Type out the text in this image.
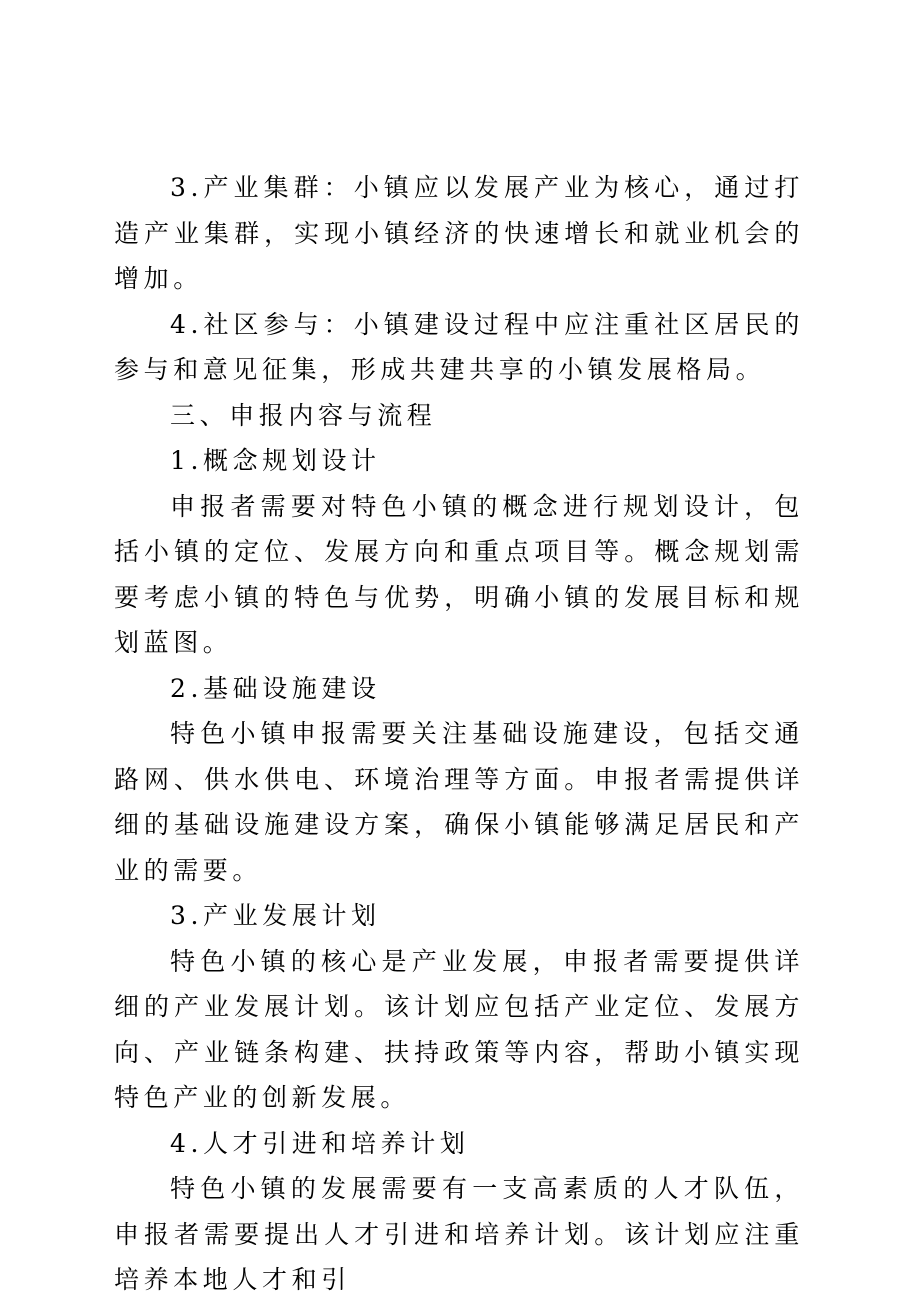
3.产业集群：小镇应以发展产业为核心，通过打造产业集群，实现小镇经济的快速增长和就业机会的增加。

4.社区参与：小镇建设过程中应注重社区居民的参与和意见征集，形成共建共享的小镇发展格局。

三、申报内容与流程

1.概念规划设计

申报者需要对特色小镇的概念进行规划设计，包括小镇的定位、发展方向和重点项目等。概念规划需要考虑小镇的特色与优势，明确小镇的发展目标和规划蓝图。

2.基础设施建设

特色小镇申报需要关注基础设施建设，包括交通路网、供水供电、环境治理等方面。申报者需提供详细的基础设施建设方案，确保小镇能够满足居民和产业的需要。

3.产业发展计划

特色小镇的核心是产业发展，申报者需要提供详细的产业发展计划。该计划应包括产业定位、发展方向、产业链条构建、扶持政策等内容，帮助小镇实现特色产业的创新发展。

4.人才引进和培养计划

特色小镇的发展需要有一支高素质的人才队伍，申报者需要提出人才引进和培养计划。该计划应注重培养本地人才和引
